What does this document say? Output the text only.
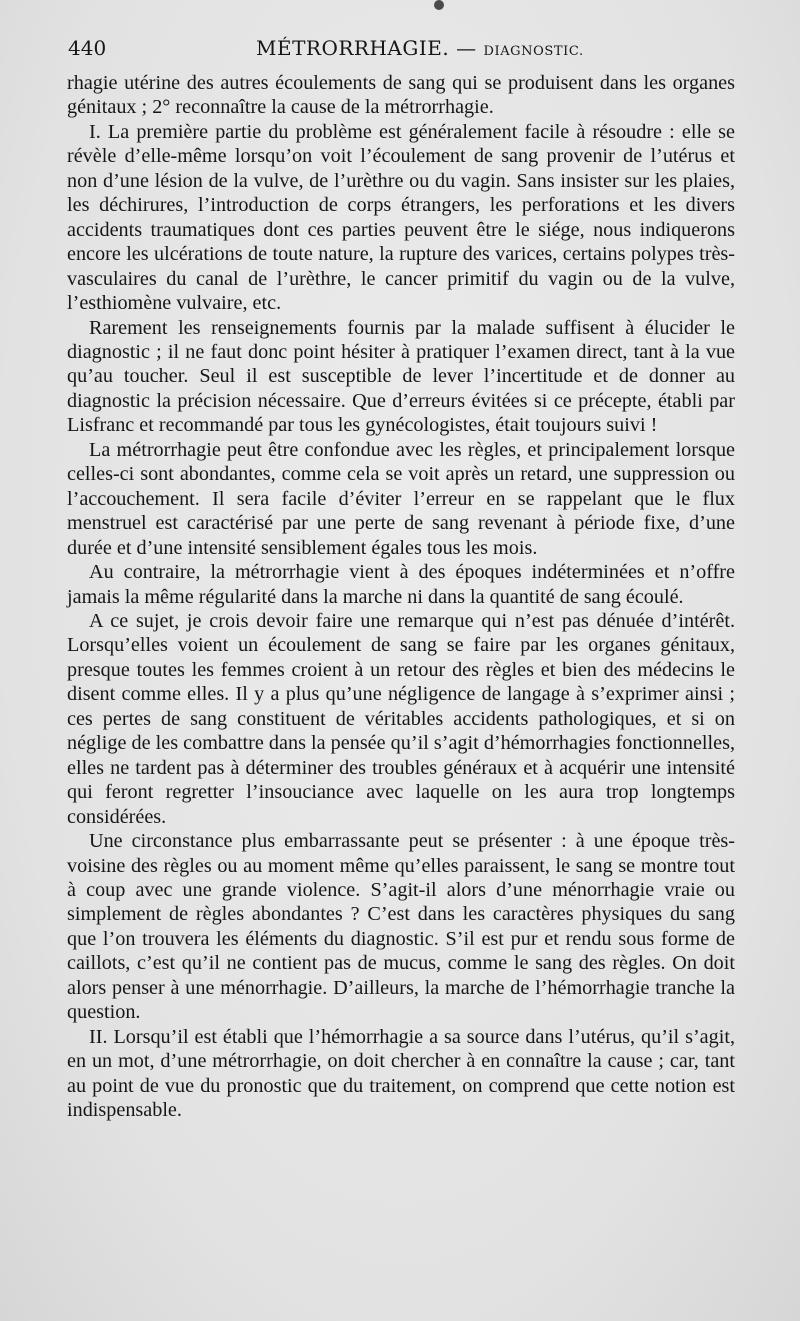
440	MÉTRORRHAGIE. — DIAGNOSTIC.

rhagie utérine des autres écoulements de sang qui se produisent dans les organes génitaux ; 2° reconnaître la cause de la métrorrhagie.

I. La première partie du problème est généralement facile à résoudre : elle se révèle d’elle-même lorsqu’on voit l’écoulement de sang provenir de l’utérus et non d’une lésion de la vulve, de l’urèthre ou du vagin. Sans insister sur les plaies, les déchirures, l’introduction de corps étrangers, les perforations et les divers accidents traumatiques dont ces parties peuvent être le siége, nous indiquerons encore les ulcérations de toute nature, la rupture des varices, certains polypes très-vasculaires du canal de l’urèthre, le cancer primitif du vagin ou de la vulve, l’esthiomène vulvaire, etc.

Rarement les renseignements fournis par la malade suffisent à élucider le diagnostic ; il ne faut donc point hésiter à pratiquer l’examen direct, tant à la vue qu’au toucher. Seul il est susceptible de lever l’incertitude et de donner au diagnostic la précision nécessaire. Que d’erreurs évitées si ce précepte, établi par Lisfranc et recommandé par tous les gynécologistes, était toujours suivi !

La métrorrhagie peut être confondue avec les règles, et principalement lorsque celles-ci sont abondantes, comme cela se voit après un retard, une suppression ou l’accouchement. Il sera facile d’éviter l’erreur en se rappelant que le flux menstruel est caractérisé par une perte de sang revenant à période fixe, d’une durée et d’une intensité sensiblement égales tous les mois.

Au contraire, la métrorrhagie vient à des époques indéterminées et n’offre jamais la même régularité dans la marche ni dans la quantité de sang écoulé.

A ce sujet, je crois devoir faire une remarque qui n’est pas dénuée d’intérêt. Lorsqu’elles voient un écoulement de sang se faire par les organes génitaux, presque toutes les femmes croient à un retour des règles et bien des médecins le disent comme elles. Il y a plus qu’une négligence de langage à s’exprimer ainsi ; ces pertes de sang constituent de véritables accidents pathologiques, et si on néglige de les combattre dans la pensée qu’il s’agit d’hémorrhagies fonctionnelles, elles ne tardent pas à déterminer des troubles généraux et à acquérir une intensité qui feront regretter l’insouciance avec laquelle on les aura trop longtemps considérées.

Une circonstance plus embarrassante peut se présenter : à une époque très-voisine des règles ou au moment même qu’elles paraissent, le sang se montre tout à coup avec une grande violence. S’agit-il alors d’une ménorrhagie vraie ou simplement de règles abondantes ? C’est dans les caractères physiques du sang que l’on trouvera les éléments du diagnostic. S’il est pur et rendu sous forme de caillots, c’est qu’il ne contient pas de mucus, comme le sang des règles. On doit alors penser à une ménorrhagie. D’ailleurs, la marche de l’hémorrhagie tranche la question.

II. Lorsqu’il est établi que l’hémorrhagie a sa source dans l’utérus, qu’il s’agit, en un mot, d’une métrorrhagie, on doit chercher à en connaître la cause ; car, tant au point de vue du pronostic que du traitement, on comprend que cette notion est indispensable.
